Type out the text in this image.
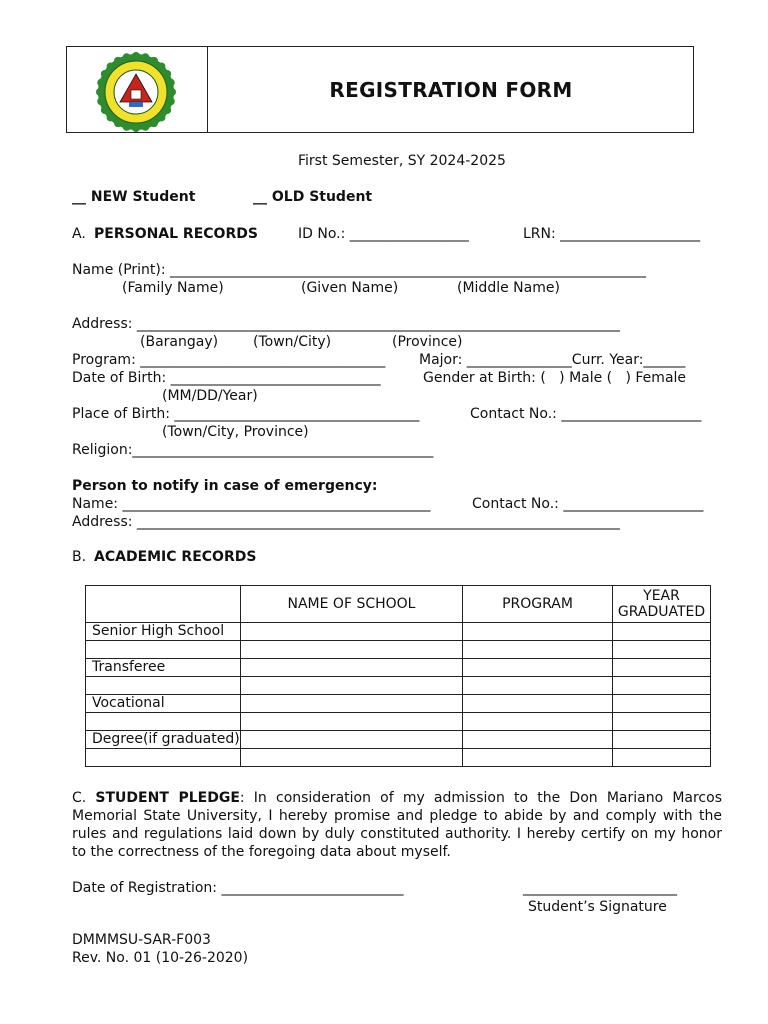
REGISTRATION FORM
First Semester, SY 2024-2025
__ NEW Student	__ OLD Student
A. PERSONAL RECORDS	ID No.: _________________	LRN: ____________________
Name (Print): ____________________________________________________________________
(Family Name)	(Given Name)	(Middle Name)
Address: _____________________________________________________________________
(Barangay) (Town/City)	(Province)
Program: ___________________________________ Major: _______________Curr. Year:______
Date of Birth: ______________________________	Gender at Birth: (   ) Male (   ) Female
(MM/DD/Year)
Place of Birth: ___________________________________	Contact No.: ____________________
(Town/City, Province)
Religion:___________________________________________
Person to notify in case of emergency:
Name: ____________________________________________	Contact No.: ____________________
Address: _____________________________________________________________________
B. ACADEMIC RECORDS
	NAME OF SCHOOL	PROGRAM	YEAR GRADUATED
Senior High School			

Transferee			

Vocational			

Degree(if graduated)			

C. STUDENT PLEDGE: In consideration of my admission to the Don Mariano Marcos Memorial State University, I hereby promise and pledge to abide by and comply with the rules and regulations laid down by duly constituted authority. I hereby certify on my honor to the correctness of the foregoing data about myself.
Date of Registration: __________________________	______________________
Student’s Signature
DMMMSU-SAR-F003
Rev. No. 01 (10-26-2020)
